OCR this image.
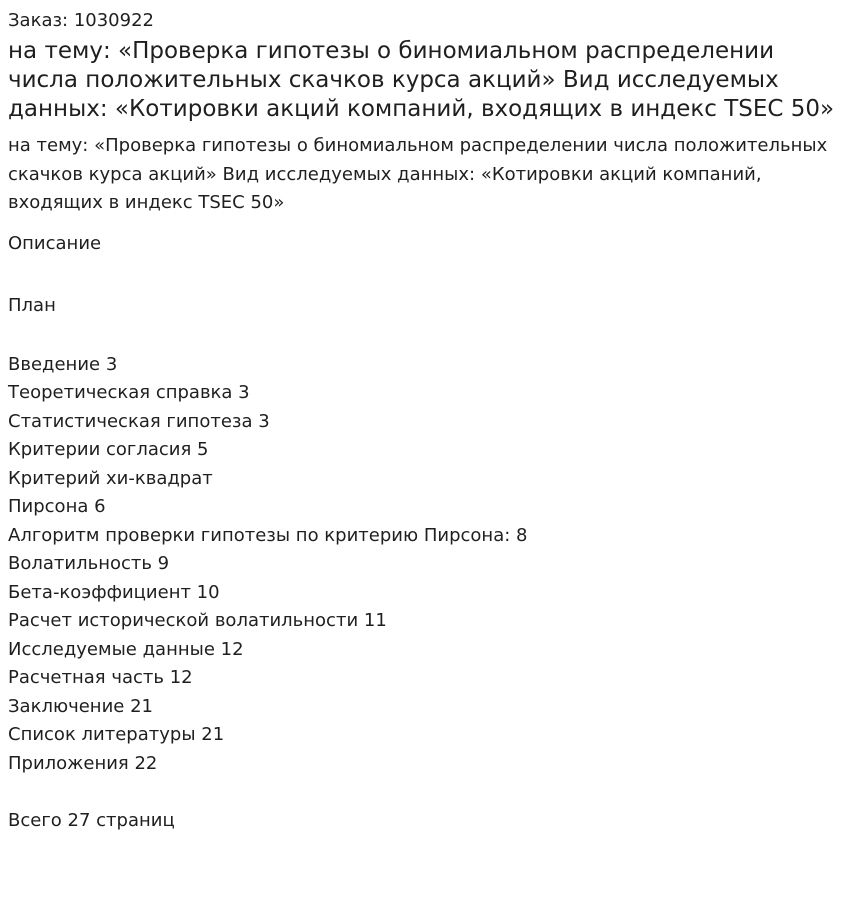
Заказ: 1030922
на тему: «Проверка гипотезы о биномиальном распределении числа положительных скачков курса акций» Вид исследуемых данных: «Котировки акций компаний, входящих в индекс TSEC 50»
на тему: «Проверка гипотезы о биномиальном распределении числа положительных скачков курса акций» Вид исследуемых данных: «Котировки акций компаний, входящих в индекс TSEC 50»
Описание
План
Введение 3
Теоретическая справка 3
Статистическая гипотеза 3
Критерии согласия 5
Критерий хи-квадрат
Пирсона 6
Алгоритм проверки гипотезы по критерию Пирсона: 8
Волатильность 9
Бета-коэффициент 10
Расчет исторической волатильности 11
Исследуемые данные 12
Расчетная часть 12
Заключение 21
Список литературы 21
Приложения 22
Всего 27 страниц
